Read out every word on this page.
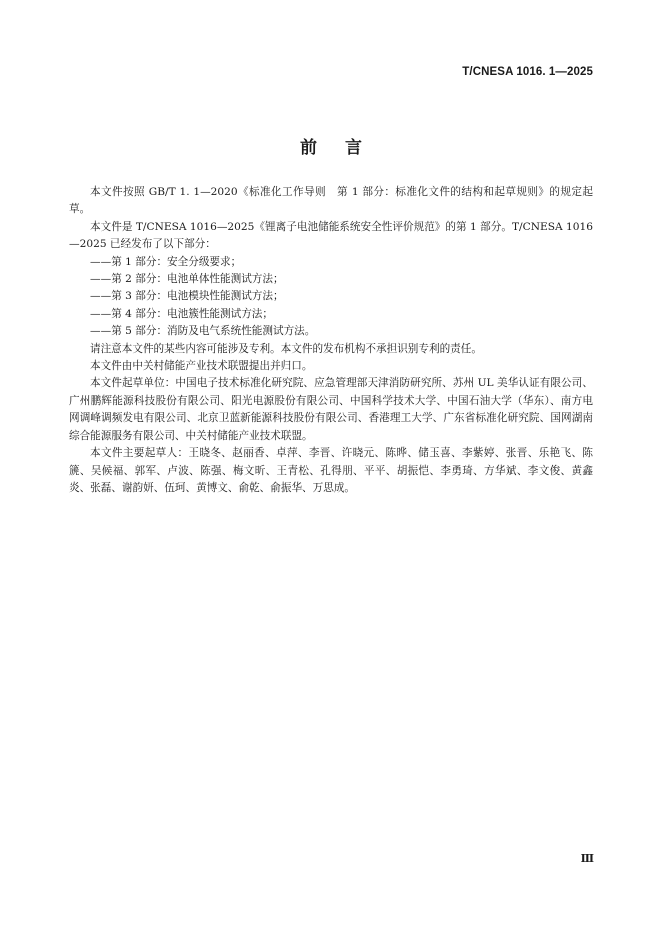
T/CNESA 1016. 1—2025
前言

本文件按照 GB/T 1. 1—2020《标准化工作导则　第 1 部分：标准化文件的结构和起草规则》的规定起草。

本文件是 T/CNESA 1016—2025《锂离子电池储能系统安全性评价规范》的第 1 部分。T/CNESA 1016—2025 已经发布了以下部分：

——第 1 部分：安全分级要求；

——第 2 部分：电池单体性能测试方法；

——第 3 部分：电池模块性能测试方法；

——第 4 部分：电池簇性能测试方法；

——第 5 部分：消防及电气系统性能测试方法。

请注意本文件的某些内容可能涉及专利。本文件的发布机构不承担识别专利的责任。

本文件由中关村储能产业技术联盟提出并归口。

本文件起草单位：中国电子技术标准化研究院、应急管理部天津消防研究所、苏州 UL 美华认证有限公司、广州鹏辉能源科技股份有限公司、阳光电源股份有限公司、中国科学技术大学、中国石油大学（华东）、南方电网调峰调频发电有限公司、北京卫蓝新能源科技股份有限公司、香港理工大学、广东省标准化研究院、国网湖南综合能源服务有限公司、中关村储能产业技术联盟。

本文件主要起草人：王晓冬、赵丽香、卓萍、李晋、许晓元、陈晔、储玉喜、李紫婷、张晋、乐艳飞、陈篪、吴候福、郭军、卢波、陈强、梅文昕、王青松、孔得朋、平平、胡振恺、李勇琦、方华斌、李文俊、黄鑫炎、张磊、谢韵妍、伍珂、黄博文、俞乾、俞振华、万思成。

Ⅲ
